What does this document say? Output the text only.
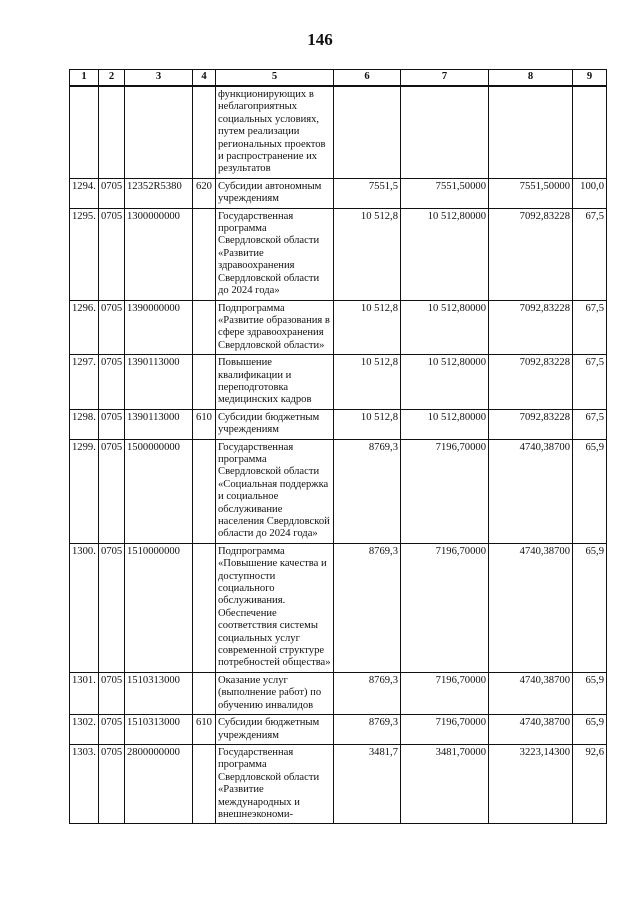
146
1	2	3	4	5	6	7	8	9
				функционирующих в неблагоприятных социальных условиях, путем реализации региональных проектов и распространение их результатов				
1294.	0705	12352R5380	620	Субсидии автономным учреждениям	7551,5	7551,50000	7551,50000	100,0
1295.	0705	1300000000		Государственная программа Свердловской области «Развитие здравоохранения Свердловской области до 2024 года»	10 512,8	10 512,80000	7092,83228	67,5
1296.	0705	1390000000		Подпрограмма «Развитие образования в сфере здравоохранения Свердловской области»	10 512,8	10 512,80000	7092,83228	67,5
1297.	0705	1390113000		Повышение квалификации и переподготовка медицинских кадров	10 512,8	10 512,80000	7092,83228	67,5
1298.	0705	1390113000	610	Субсидии бюджетным учреждениям	10 512,8	10 512,80000	7092,83228	67,5
1299.	0705	1500000000		Государственная программа Свердловской области «Социальная поддержка и социальное обслуживание населения Свердловской области до 2024 года»	8769,3	7196,70000	4740,38700	65,9
1300.	0705	1510000000		Подпрограмма «Повышение качества и доступности социального обслуживания. Обеспечение соответствия системы социальных услуг современной структуре потребностей общества»	8769,3	7196,70000	4740,38700	65,9
1301.	0705	1510313000		Оказание услуг (выполнение работ) по обучению инвалидов	8769,3	7196,70000	4740,38700	65,9
1302.	0705	1510313000	610	Субсидии бюджетным учреждениям	8769,3	7196,70000	4740,38700	65,9
1303.	0705	2800000000		Государственная программа Свердловской области «Развитие международных и внешнеэкономи-	3481,7	3481,70000	3223,14300	92,6
